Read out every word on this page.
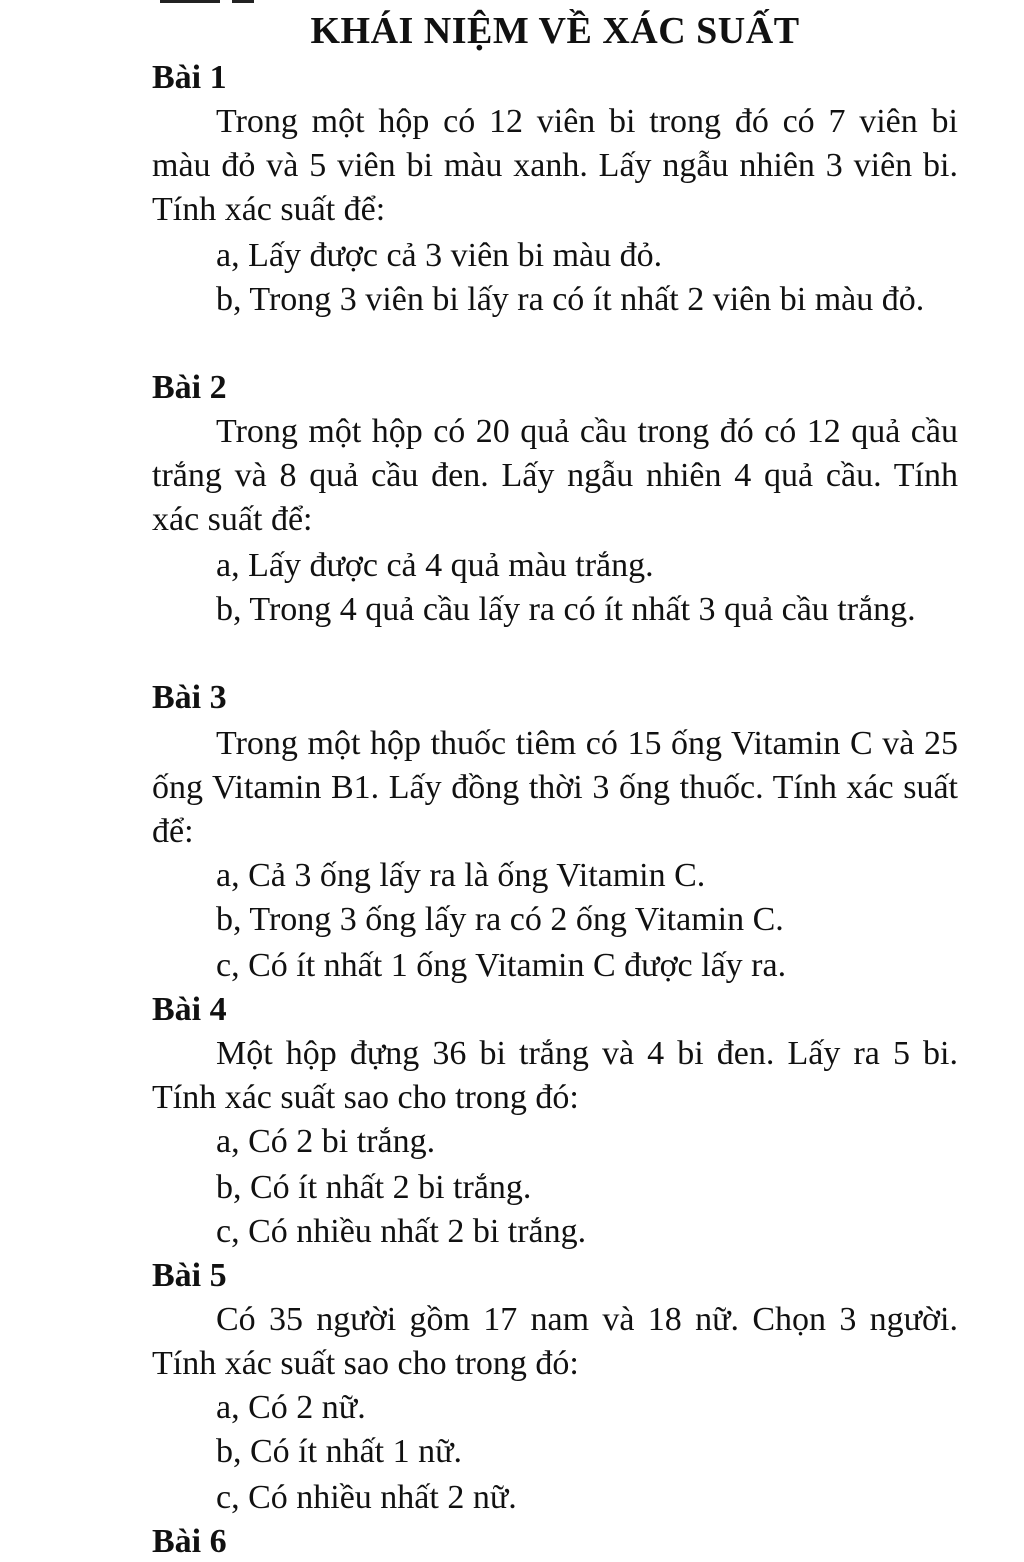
KHÁI NIỆM VỀ XÁC SUẤT
Bài 1
Trong một hộp có 12 viên bi trong đó có 7 viên bi màu đỏ và 5 viên bi màu xanh. Lấy ngẫu nhiên 3 viên bi. Tính xác suất để:
a, Lấy được cả 3 viên bi màu đỏ.
b, Trong 3 viên bi lấy ra có ít nhất 2 viên bi màu đỏ.
Bài 2
Trong một hộp có 20 quả cầu trong đó có 12 quả cầu trắng và 8 quả cầu đen. Lấy ngẫu nhiên 4 quả cầu. Tính xác suất để:
a, Lấy được cả 4 quả màu trắng.
b, Trong 4 quả cầu lấy ra có ít nhất 3 quả cầu trắng.
Bài 3
Trong một hộp thuốc tiêm có 15 ống Vitamin C và 25 ống Vitamin B1. Lấy đồng thời 3 ống thuốc. Tính xác suất để:
a, Cả 3 ống lấy ra là ống Vitamin C.
b, Trong 3 ống lấy ra có 2 ống Vitamin C.
c, Có ít nhất 1 ống Vitamin C được lấy ra.
Bài 4
Một hộp đựng 36 bi trắng và 4 bi đen. Lấy ra 5 bi. Tính xác suất sao cho trong đó:
a, Có 2 bi trắng.
b, Có ít nhất 2 bi trắng.
c, Có nhiều nhất 2 bi trắng.
Bài 5
Có 35 người gồm 17 nam và 18 nữ. Chọn 3 người. Tính xác suất sao cho trong đó:
a, Có 2 nữ.
b, Có ít nhất 1 nữ.
c, Có nhiều nhất 2 nữ.
Bài 6
